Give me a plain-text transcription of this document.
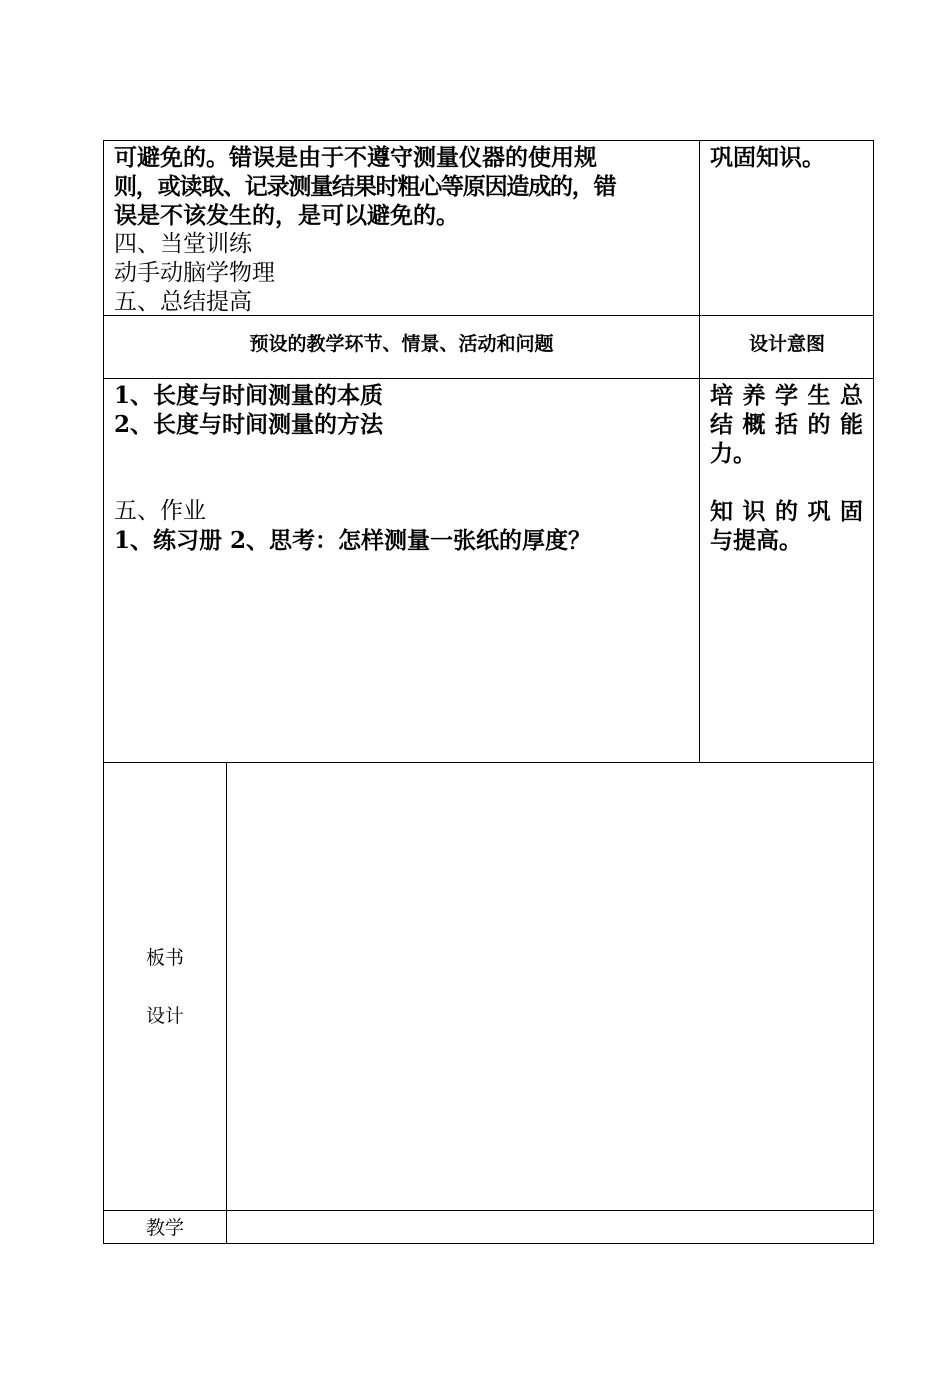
可避免的。错误是由于不遵守测量仪器的使用规
则，或读取、记录测量结果时粗心等原因造成的，错
误是不该发生的，是可以避免的。
四、当堂训练
动手动脑学物理
五、总结提高
巩固知识。
预设的教学环节、情景、活动和问题	设计意图
1、长度与时间测量的本质
2、长度与时间测量的方法
五、作业
1、练习册 2、思考：怎样测量一张纸的厚度？
培 养 学 生 总
结 概 括 的 能
力。
知 识 的 巩 固
与提高。
板书
设计
教学
